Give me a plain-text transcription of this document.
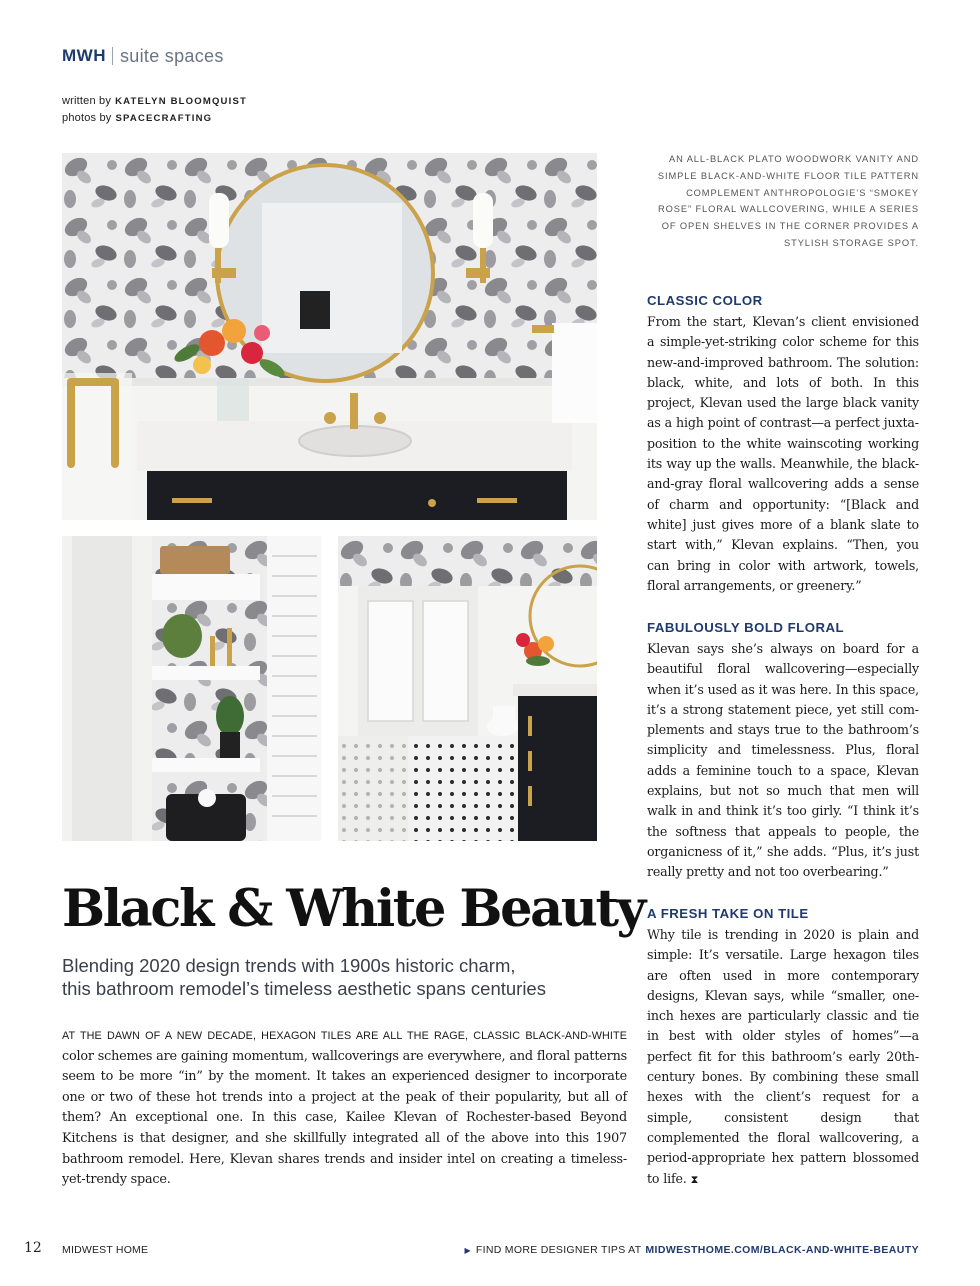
MWH suite spaces
written by KATELYN BLOOMQUIST
photos by SPACECRAFTING
AN ALL-BLACK PLATO WOODWORK VANITY AND SIMPLE BLACK-AND-WHITE FLOOR TILE PATTERN COMPLEMENT ANTHROPOLOGIE’S “SMOKEY ROSE” FLORAL WALLCOVERING, WHILE A SERIES OF OPEN SHELVES IN THE CORNER PROVIDES A STYLISH STORAGE SPOT.
CLASSIC COLOR
From the start, Klevan’s client envisioned a simple-yet-striking color scheme for this new-and-improved bathroom. The solution: black, white, and lots of both. In this project, Klevan used the large black vanity as a high point of contrast—a perfect juxtaposition to the white wainscoting working its way up the walls. Meanwhile, the black-and-gray floral wallcovering adds a sense of charm and opportunity: “[Black and white] just gives more of a blank slate to start with,” Klevan explains. “Then, you can bring in color with artwork, towels, floral arrangements, or greenery.”
FABULOUSLY BOLD FLORAL
Klevan says she’s always on board for a beautiful floral wallcovering—especially when it’s used as it was here. In this space, it’s a strong statement piece, yet still complements and stays true to the bathroom’s simplicity and timelessness. Plus, floral adds a feminine touch to a space, Klevan explains, but not so much that men will walk in and think it’s too girly. “I think it’s the softness that appeals to people, the organicness of it,” she adds. “Plus, it’s just really pretty and not too overbearing.”
A FRESH TAKE ON TILE
Why tile is trending in 2020 is plain and simple: It’s versatile. Large hexagon tiles are often used in more contemporary designs, Klevan says, while “smaller, one-inch hexes are particularly classic and tie in best with older styles of homes”—a perfect fit for this bathroom’s early 20th-century bones. By combining these small hexes with the client’s request for a simple, consistent design that complemented the floral wallcovering, a period-appropriate hex pattern blossomed to life. ⧗
Black & White Beauty
Blending 2020 design trends with 1900s historic charm,
this bathroom remodel’s timeless aesthetic spans centuries

AT THE DAWN OF A NEW DECADE, HEXAGON TILES ARE ALL THE RAGE, CLASSIC BLACK-AND-WHITE color schemes are gaining momentum, wallcoverings are everywhere, and floral patterns seem to be more “in” by the moment. It takes an experienced designer to incorporate one or two of these hot trends into a project at the peak of their popularity, but all of them? An exceptional one. In this case, Kailee Klevan of Rochester-based Beyond Kitchens is that designer, and she skillfully integrated all of the above into this 1907 bathroom remodel. Here, Klevan shares trends and insider intel on creating a timeless-yet-trendy space.

12 MIDWEST HOME	▶ FIND MORE DESIGNER TIPS AT MIDWESTHOME.COM/BLACK-AND-WHITE-BEAUTY
